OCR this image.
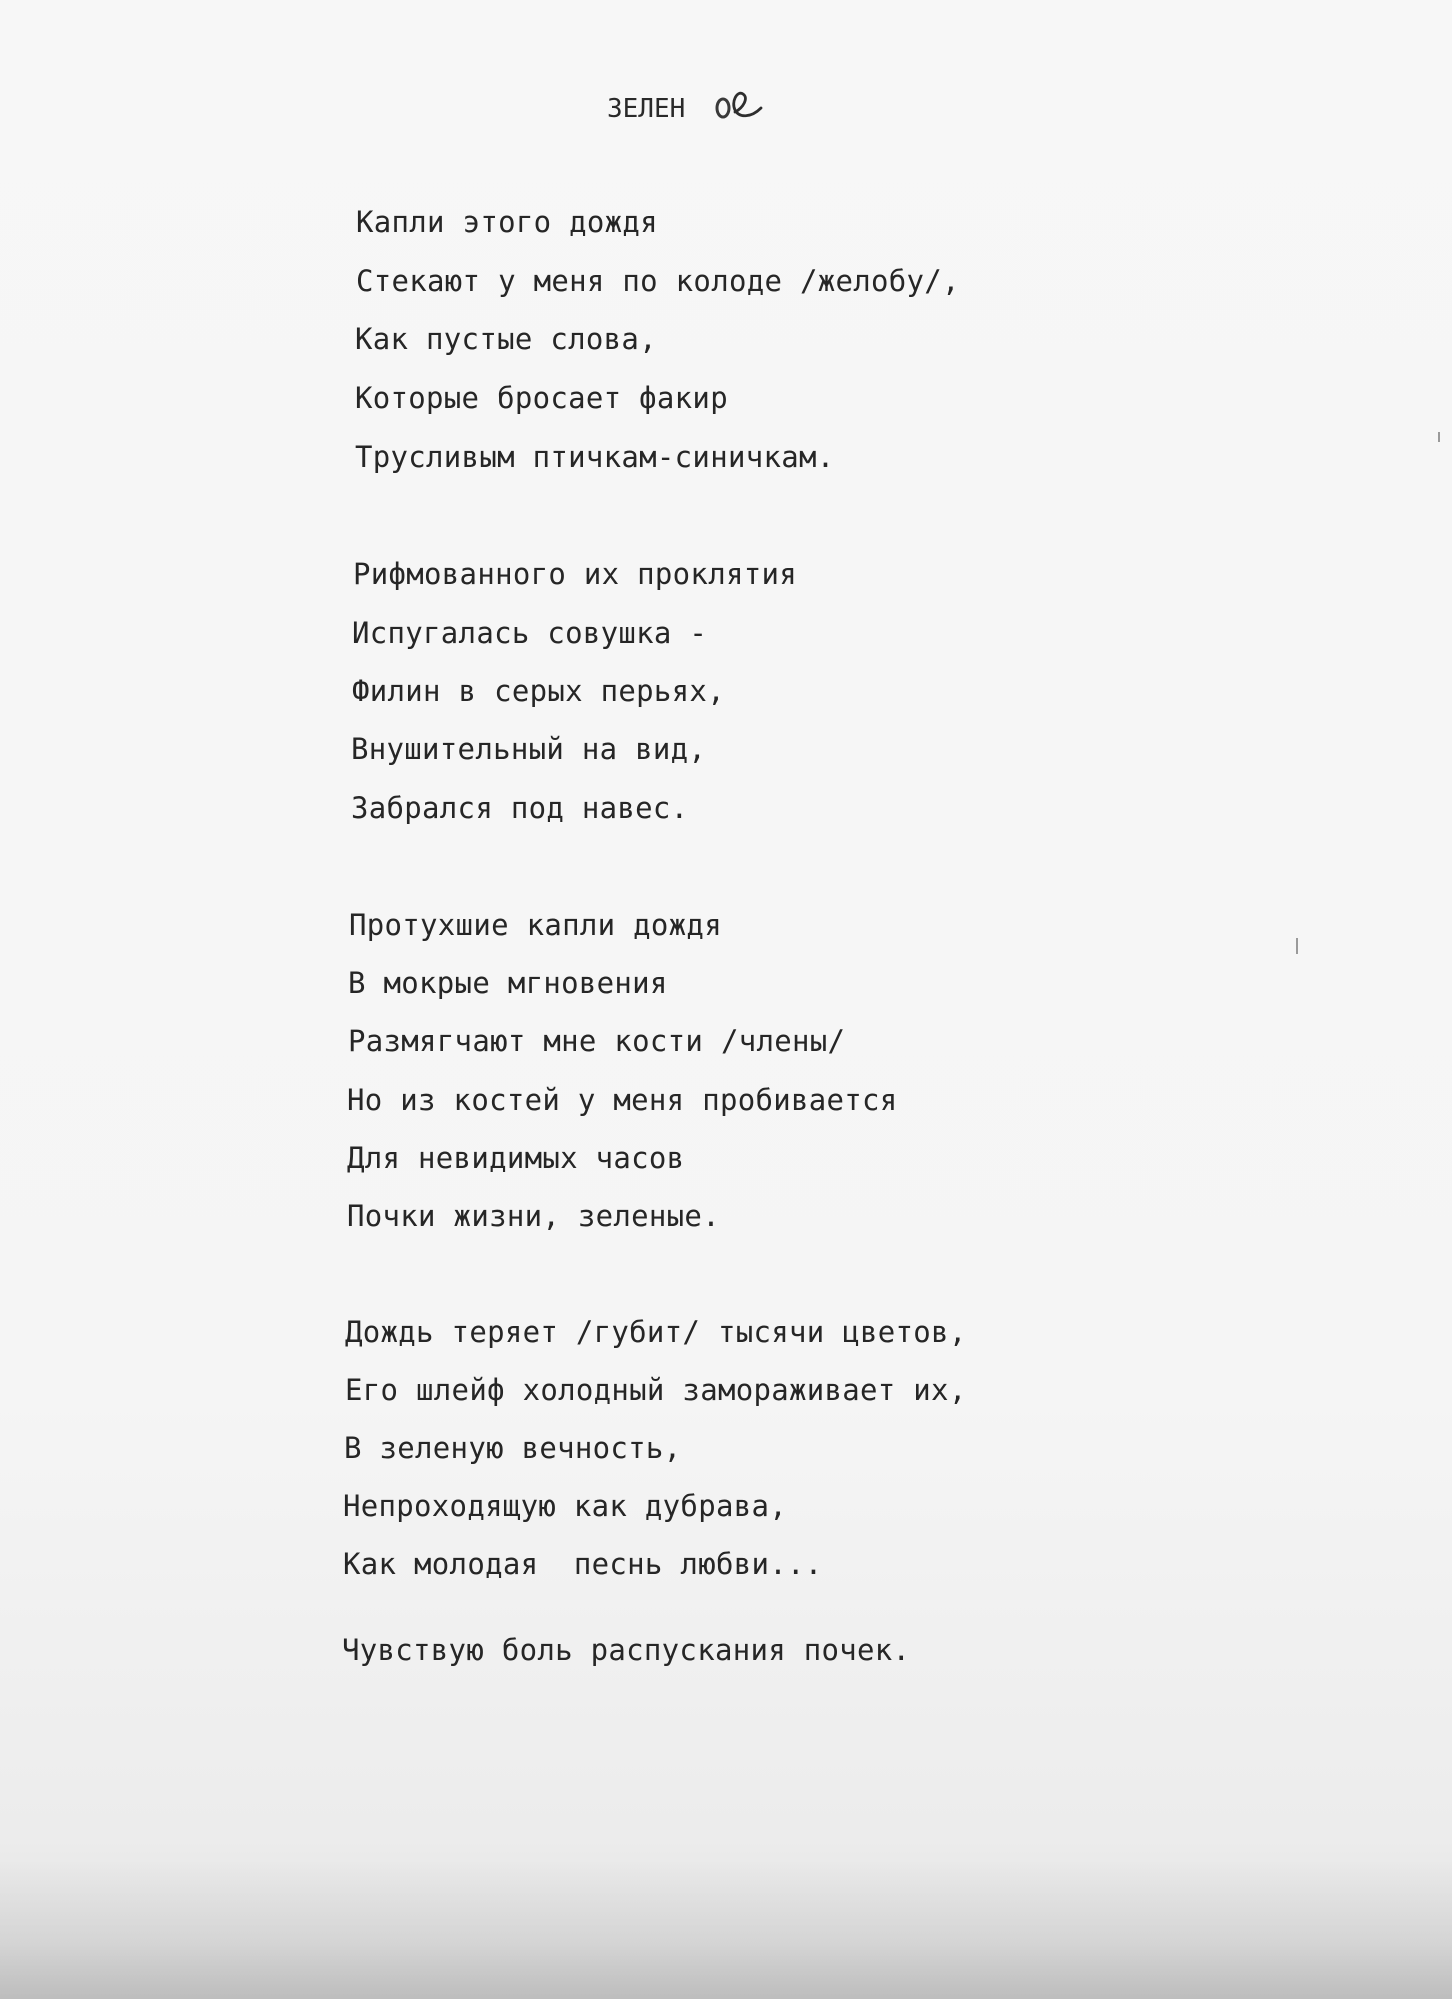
ЗЕЛЕН
Капли этого дождя
Стекают у меня по колоде /желобу/,
Как пустые слова,
Которые бросает факир
Трусливым птичкам-синичкам.
Рифмованного их проклятия
Испугалась совушка -
Филин в серых перьях,
Внушительный на вид,
Забрался под навес.
Протухшие капли дождя
В мокрые мгновения
Размягчают мне кости /члены/
Но из костей у меня пробивается
Для невидимых часов
Почки жизни, зеленые.
Дождь теряет /губит/ тысячи цветов,
Его шлейф холодный замораживает их,
В зеленую вечность,
Непроходящую как дубрава,
Как молодая  песнь любви...
Чувствую боль распускания почек.
